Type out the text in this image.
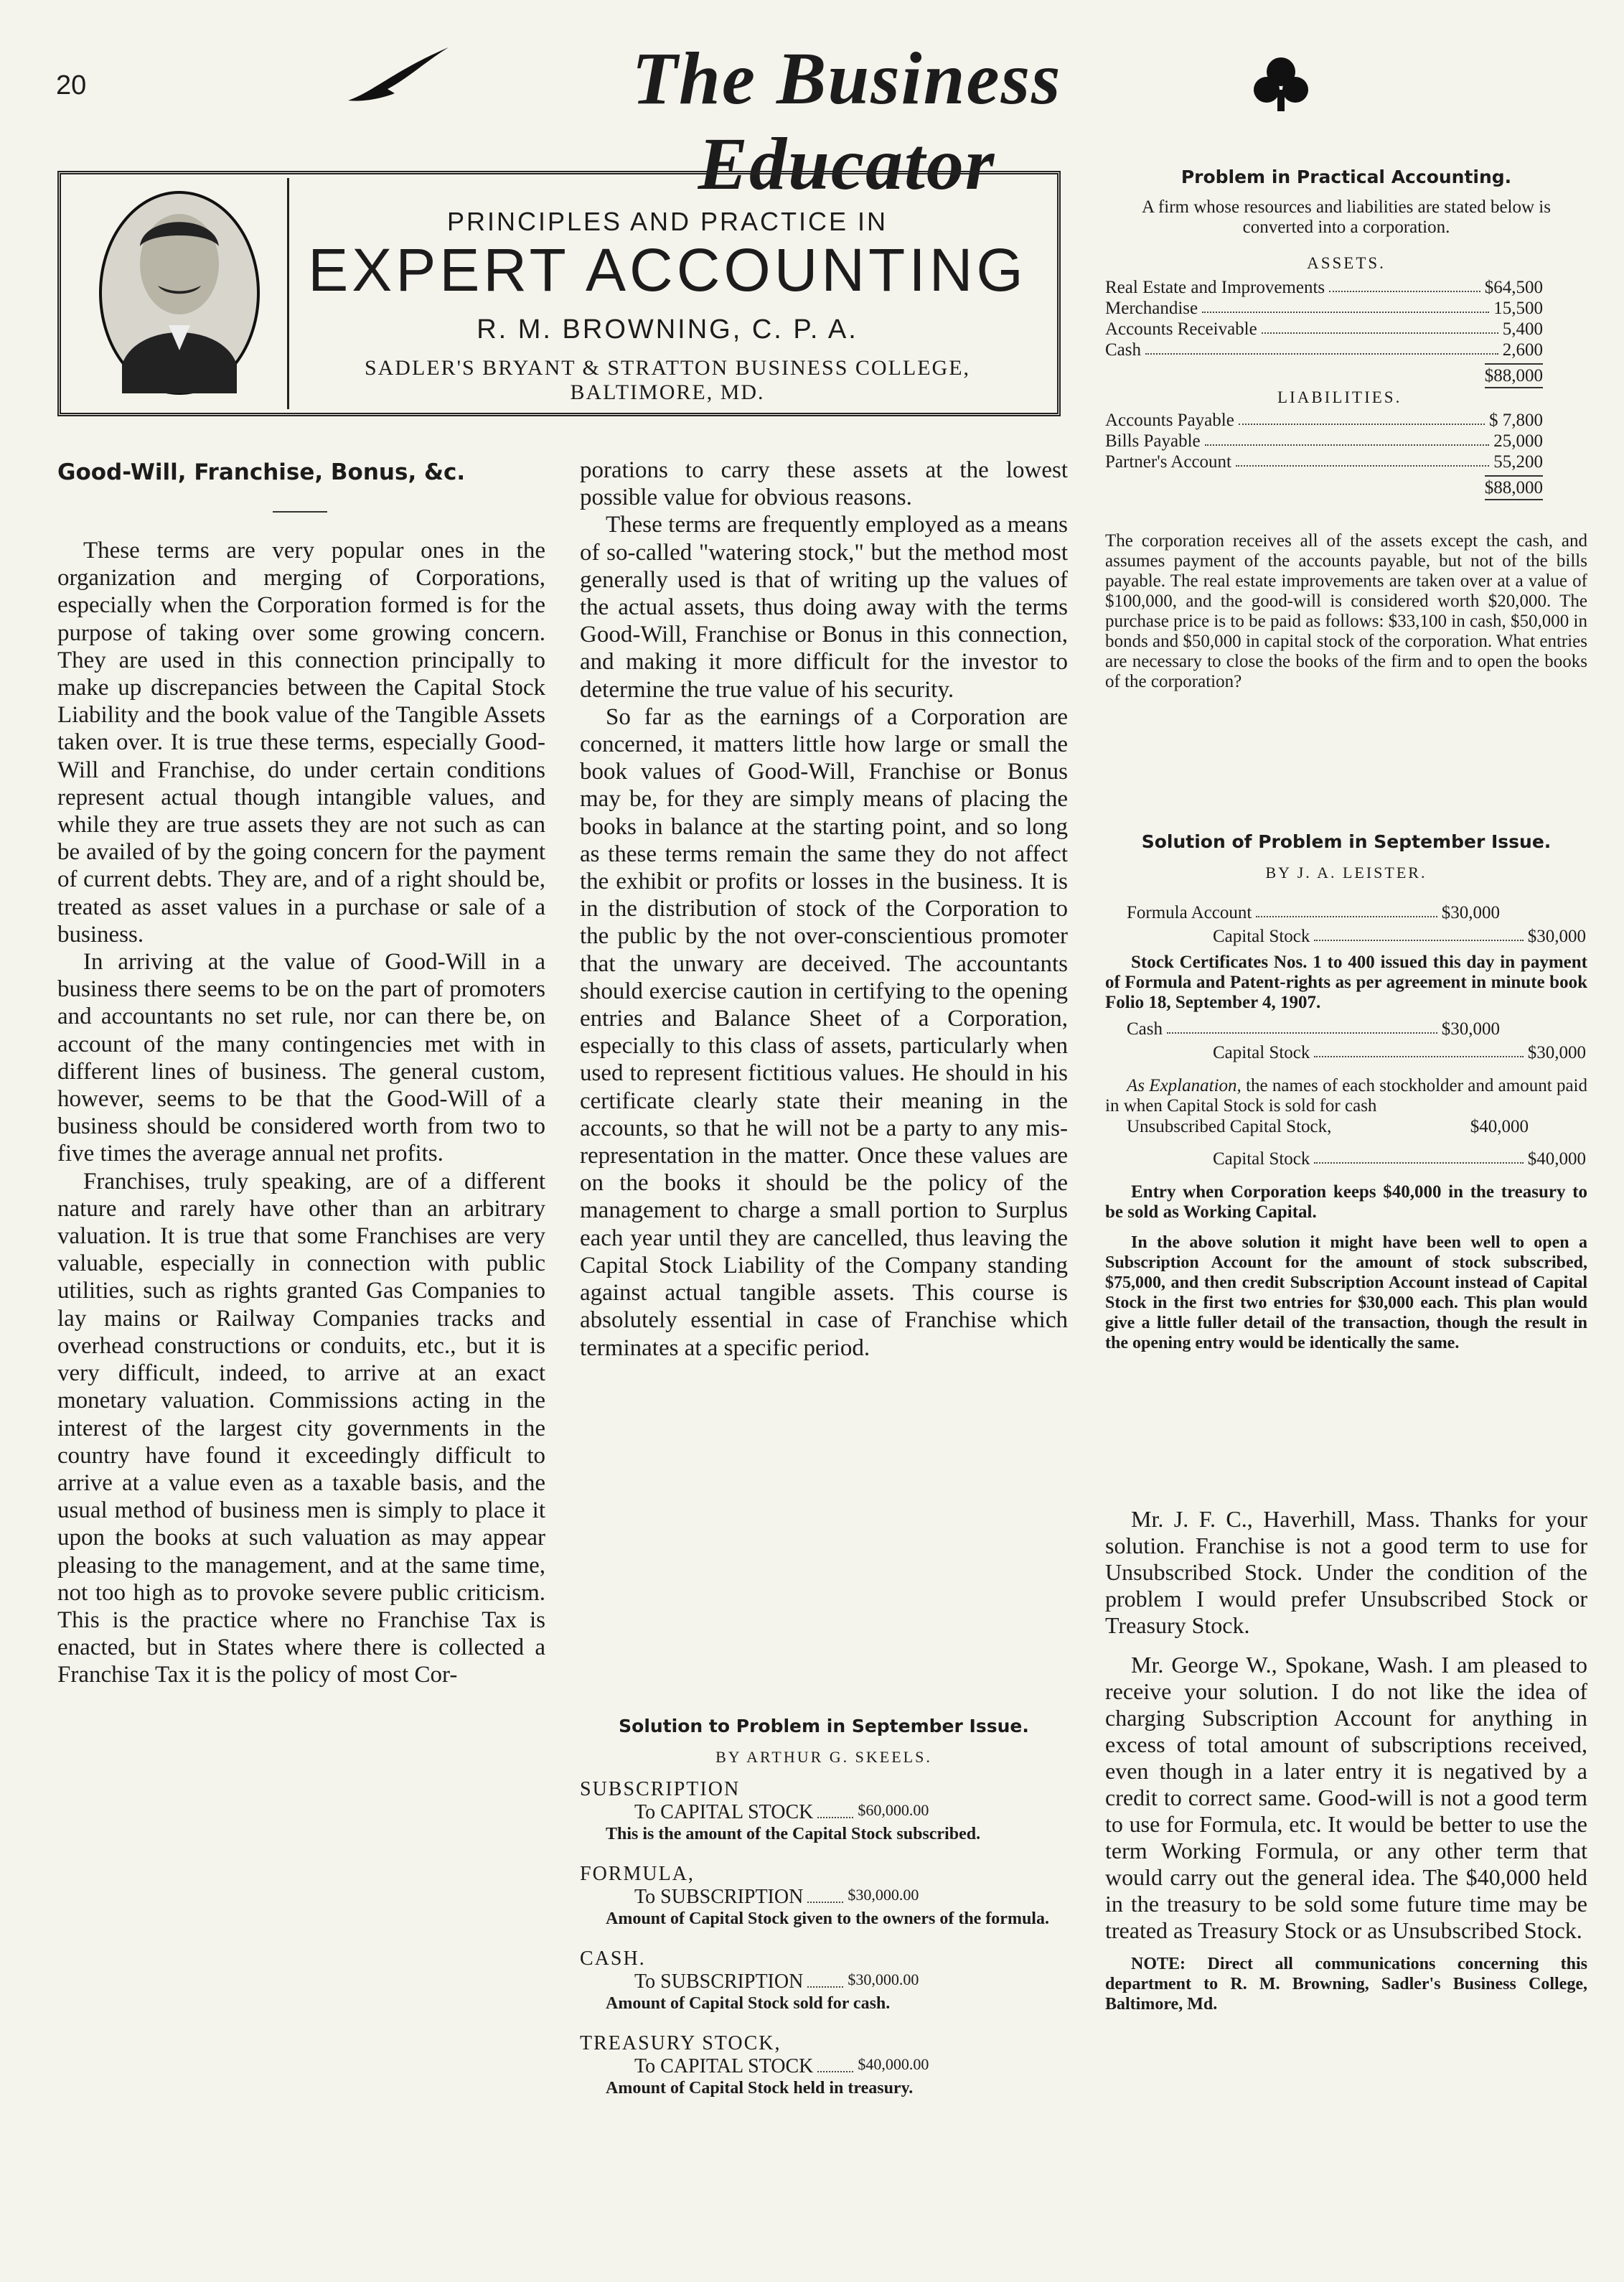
20	The Business Educator
PRINCIPLES AND PRACTICE IN
EXPERT ACCOUNTING
R. M. BROWNING, C. P. A.
SADLER'S BRYANT & STRATTON BUSINESS COLLEGE,
BALTIMORE, MD.
Good-Will, Franchise, Bonus, &c.

These terms are very popular ones in the organization and merging of Corporations, especially when the Corporation formed is for the purpose of taking over some growing concern. They are used in this connection principally to make up discrepancies between the Capital Stock Liability and the book value of the Tangible Assets taken over. It is true these terms, especially Good-Will and Franchise, do under certain conditions represent actual though intangible values, and while they are true assets they are not such as can be availed of by the going concern for the payment of current debts. They are, and of a right should be, treated as asset values in a purchase or sale of a business.

In arriving at the value of Good-Will in a business there seems to be on the part of promoters and accountants no set rule, nor can there be, on account of the many contingencies met with in different lines of business. The general custom, however, seems to be that the Good-Will of a business should be considered worth from two to five times the average annual net profits.

Franchises, truly speaking, are of a different nature and rarely have other than an arbitrary valuation. It is true that some Franchises are very valuable, especially in connection with public utilities, such as rights granted Gas Companies to lay mains or Railway Companies tracks and overhead constructions or conduits, etc., but it is very difficult, indeed, to arrive at an exact monetary valuation. Commissions acting in the interest of the largest city governments in the country have found it exceedingly difficult to arrive at a value even as a taxable basis, and the usual method of business men is simply to place it upon the books at such valuation as may appear pleasing to the management, and at the same time, not too high as to provoke severe public criticism. This is the practice where no Franchise Tax is enacted, but in States where there is collected a Franchise Tax it is the policy of most Cor-

porations to carry these assets at the lowest possible value for obvious reasons.

These terms are frequently employed as a means of so-called "watering stock," but the method most generally used is that of writing up the values of the actual assets, thus doing away with the terms Good-Will, Franchise or Bonus in this connection, and making it more difficult for the investor to determine the true value of his security.

So far as the earnings of a Corporation are concerned, it matters little how large or small the book values of Good-Will, Franchise or Bonus may be, for they are simply means of placing the books in balance at the starting point, and so long as these terms remain the same they do not affect the exhibit or profits or losses in the business. It is in the distribution of stock of the Corporation to the public by the not over-conscientious promoter that the unwary are deceived. The accountants should exercise caution in certifying to the opening entries and Balance Sheet of a Corporation, especially to this class of assets, particularly when used to represent fictitious values. He should in his certificate clearly state their meaning in the accounts, so that he will not be a party to any mis-representation in the matter. Once these values are on the books it should be the policy of the management to charge a small portion to Surplus each year until they are cancelled, thus leaving the Capital Stock Liability of the Company standing against actual tangible assets. This course is absolutely essential in case of Franchise which terminates at a specific period.

Solution to Problem in September Issue.
BY ARTHUR G. SKEELS.
SUBSCRIPTION
To CAPITAL STOCK	$60,000.00
This is the amount of the Capital Stock subscribed.
FORMULA,
To SUBSCRIPTION	$30,000.00
Amount of Capital Stock given to the owners of the formula.
CASH.
To SUBSCRIPTION	$30,000.00
Amount of Capital Stock sold for cash.
TREASURY STOCK,
To CAPITAL STOCK	$40,000.00
Amount of Capital Stock held in treasury.
Problem in Practical Accounting.
A firm whose resources and liabilities are stated below is converted into a corporation.
ASSETS.
Real Estate and Improvements	$64,500
Merchandise	15,500
Accounts Receivable	5,400
Cash	2,600
$88,000
LIABILITIES.
Accounts Payable	$ 7,800
Bills Payable	25,000
Partner's Account	55,200
$88,000
The corporation receives all of the assets except the cash, and assumes payment of the accounts payable, but not of the bills payable. The real estate improvements are taken over at a value of $100,000, and the good-will is considered worth $20,000. The purchase price is to be paid as follows: $33,100 in cash, $50,000 in bonds and $50,000 in capital stock of the corporation. What entries are necessary to close the books of the firm and to open the books of the corporation?
Solution of Problem in September Issue.
BY J. A. LEISTER.
Formula Account	$30,000
Capital Stock	$30,000
Stock Certificates Nos. 1 to 400 issued this day in payment of Formula and Patent-rights as per agreement in minute book Folio 18, September 4, 1907.
Cash	$30,000
Capital Stock	$30,000
As Explanation, the names of each stockholder and amount paid in when Capital Stock is sold for cash
Unsubscribed Capital Stock,	$40,000
Capital Stock	$40,000
Entry when Corporation keeps $40,000 in the treasury to be sold as Working Capital.
In the above solution it might have been well to open a Subscription Account for the amount of stock subscribed, $75,000, and then credit Subscription Account instead of Capital Stock in the first two entries for $30,000 each. This plan would give a little fuller detail of the transaction, though the result in the opening entry would be identically the same.

Mr. J. F. C., Haverhill, Mass. Thanks for your solution. Franchise is not a good term to use for Unsubscribed Stock. Under the condition of the problem I would prefer Unsubscribed Stock or Treasury Stock.

Mr. George W., Spokane, Wash. I am pleased to receive your solution. I do not like the idea of charging Subscription Account for anything in excess of total amount of subscriptions received, even though in a later entry it is negatived by a credit to correct same. Good-will is not a good term to use for Formula, etc. It would be better to use the term Working Formula, or any other term that would carry out the general idea. The $40,000 held in the treasury to be sold some future time may be treated as Treasury Stock or as Unsubscribed Stock.

NOTE: Direct all communications concerning this department to R. M. Browning, Sadler's Business College, Baltimore, Md.
